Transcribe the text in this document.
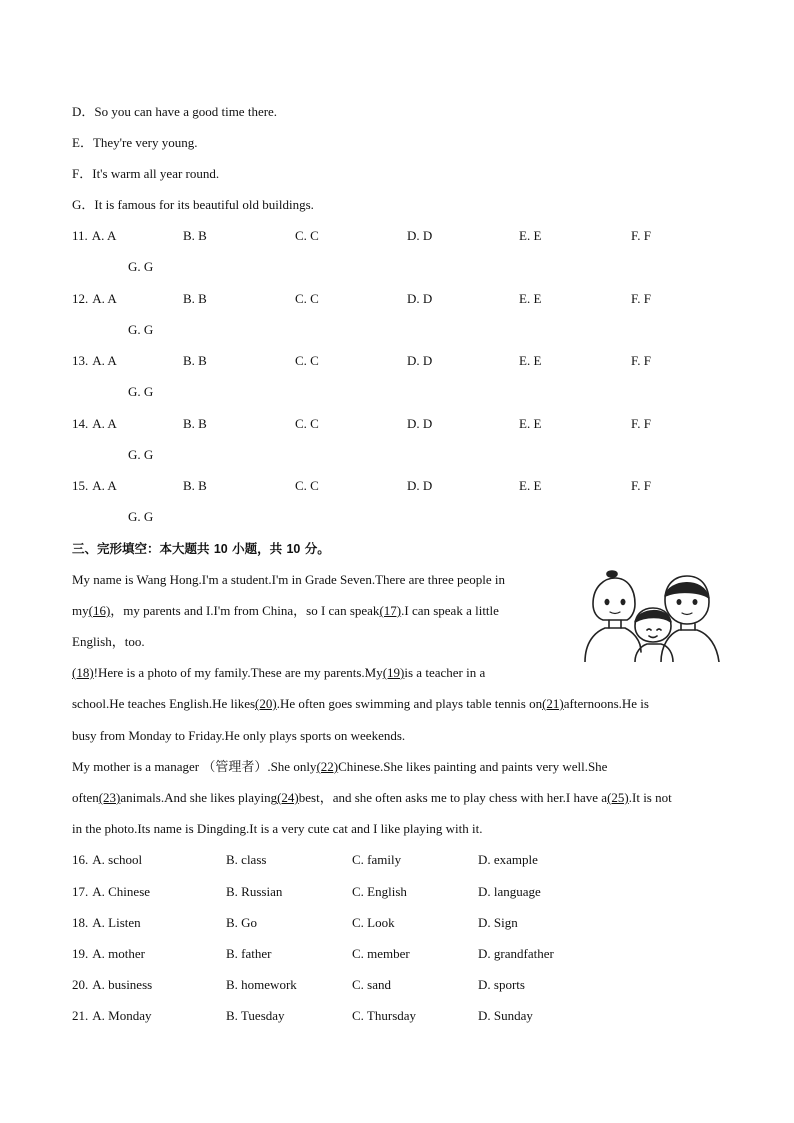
D．So you can have a good time there.
E．They're very young.
F．It's warm all year round.
G．It is famous for its beautiful old buildings.
11. A. A	B. B	C. C	D. D	E. E	F. F
G. G
12. A. A	B. B	C. C	D. D	E. E	F. F
G. G
13. A. A	B. B	C. C	D. D	E. E	F. F
G. G
14. A. A	B. B	C. C	D. D	E. E	F. F
G. G
15. A. A	B. B	C. C	D. D	E. E	F. F
G. G
三、完形填空：本大题共 10 小题，共 10 分。
My name is Wang Hong.I'm a student.I'm in Grade Seven.There are three people in
my(16)，my parents and I.I'm from China，so I can speak(17).I can speak a little
English，too.
(18)!Here is a photo of my family.These are my parents.My(19)is a teacher in a
school.He teaches English.He likes(20).He often goes swimming and plays table tennis on(21)afternoons.He is
busy from Monday to Friday.He only plays sports on weekends.
My mother is a manager （管理者）.She only(22)Chinese.She likes painting and paints very well.She
often(23)animals.And she likes playing(24)best，and she often asks me to play chess with her.I have a(25).It is not
in the photo.Its name is Dingding.It is a very cute cat and I like playing with it.
16. A. school	B. class	C. family	D. example
17. A. Chinese	B. Russian	C. English	D. language
18. A. Listen	B. Go	C. Look	D. Sign
19. A. mother	B. father	C. member	D. grandfather
20. A. business	B. homework	C. sand	D. sports
21. A. Monday	B. Tuesday	C. Thursday	D. Sunday
